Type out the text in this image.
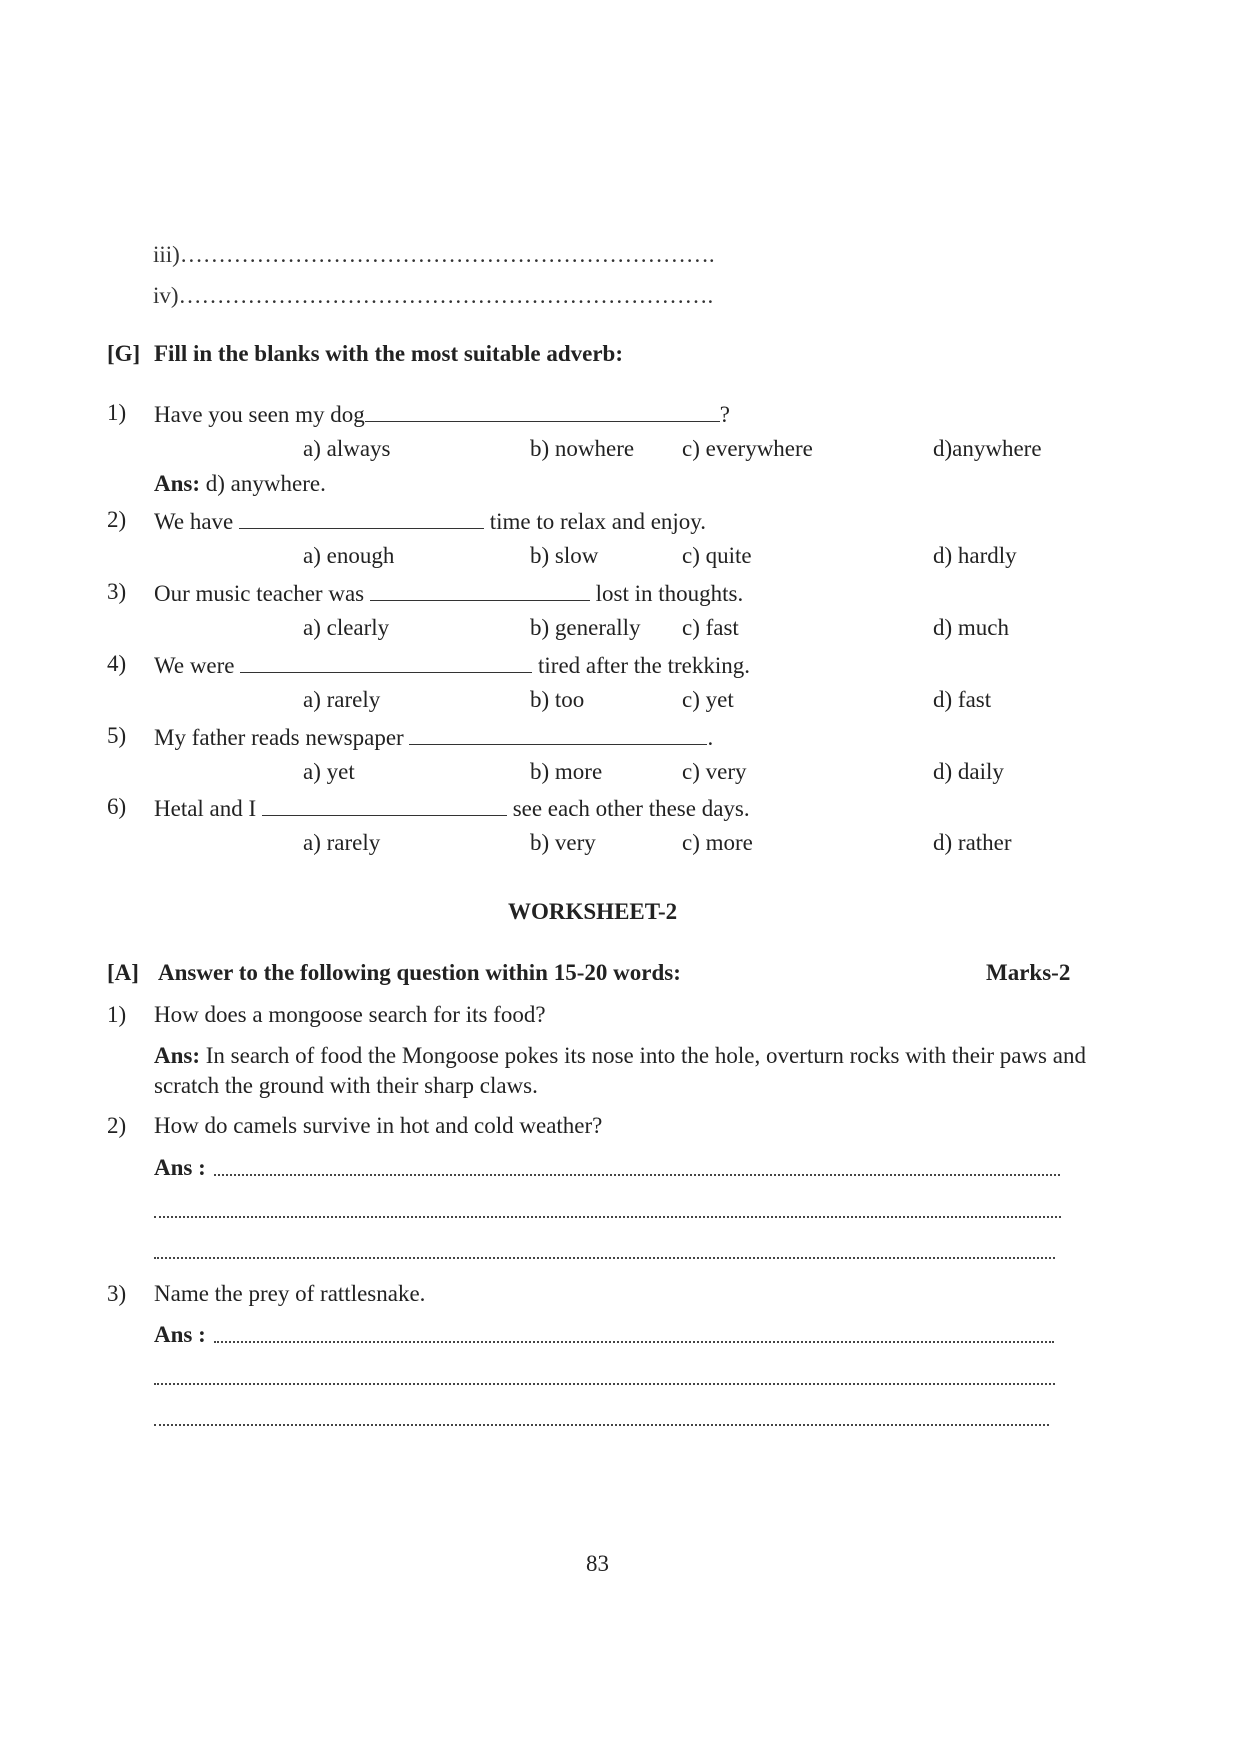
iii)…………………………………………………………….
iv)…………………………………………………………….
[G] Fill in the blanks with the most suitable adverb:
1) Have you seen my dog	?
a) always	b) nowhere c) everywhere	d)anywhere
Ans: d) anywhere.
2) We have	time to relax and enjoy.
a) enough	b) slow	c) quite	d) hardly
3) Our music teacher was	lost in thoughts.
a) clearly	b) generally c) fast	d) much
4) We were	tired after the trekking.
a) rarely	b) too	c) yet	d) fast
5) My father reads newspaper	.
a) yet	b) more	c) very	d) daily
6) Hetal and I	see each other these days.
a) rarely	b) very	c) more	d) rather
WORKSHEET-2
[A] Answer to the following question within 15-20 words:	Marks-2
1) How does a mongoose search for its food?
Ans: In search of food the Mongoose pokes its nose into the hole, overturn rocks with their paws and
scratch the ground with their sharp claws.
2) How do camels survive in hot and cold weather?
Ans :
3) Name the prey of rattlesnake.
Ans :
83
